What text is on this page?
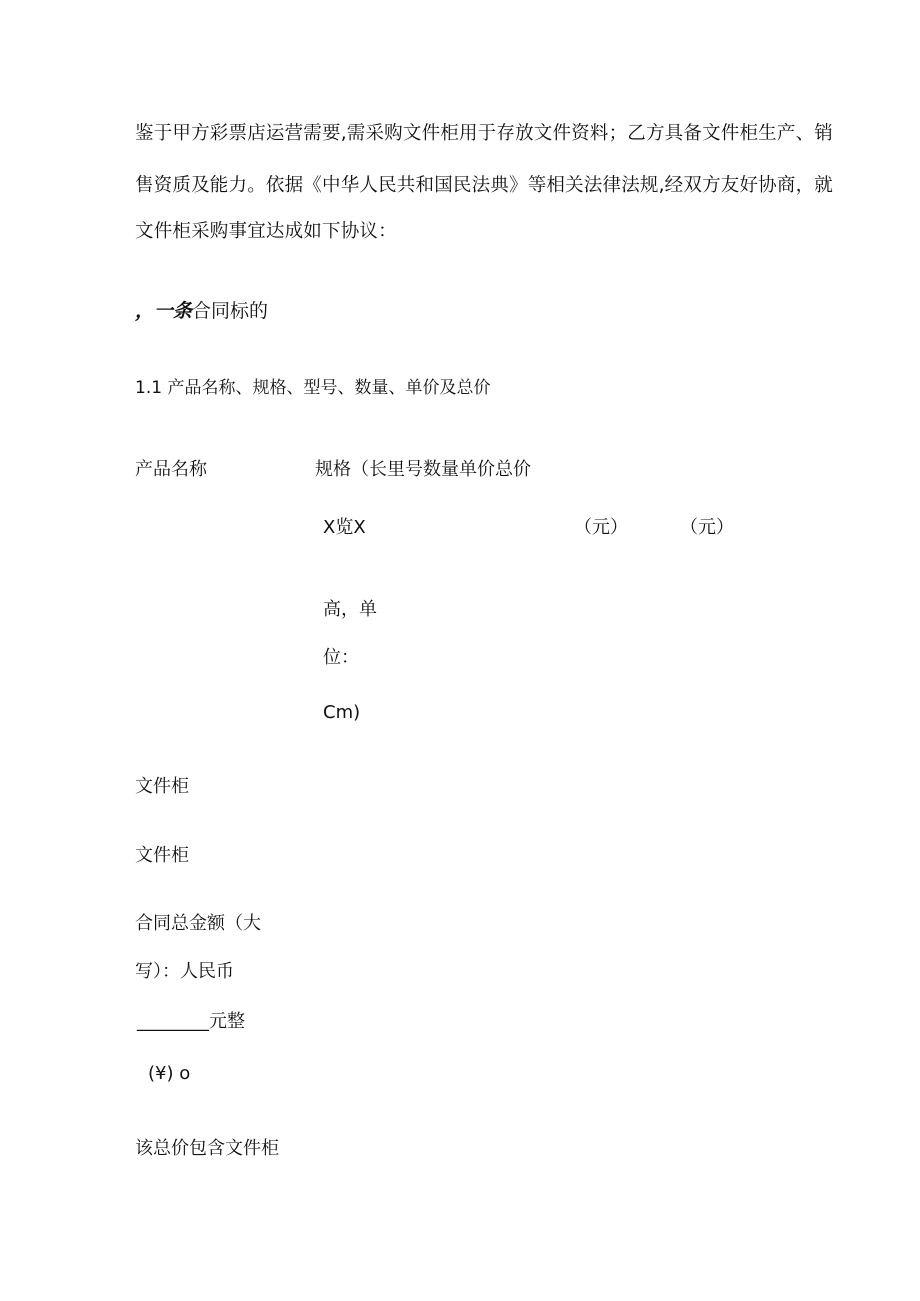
鉴于甲方彩票店运营需要,需采购文件柜用于存放文件资料；乙方具备文件柜生产、销
售资质及能力。依据《中华人民共和国民法典》等相关法律法规,经双方友好协商，就
文件柜采购事宜达成如下协议：
，一条合同标的
1.1 产品名称、规格、型号、数量、单价及总价
产品名称	规格（长里号数量单价总价
X览X	（元）	（元）
高，单
位：
Cm)
文件柜
文件柜
合同总金额（大
写）：人民币
________元整
(¥) o
该总价包含文件柜
